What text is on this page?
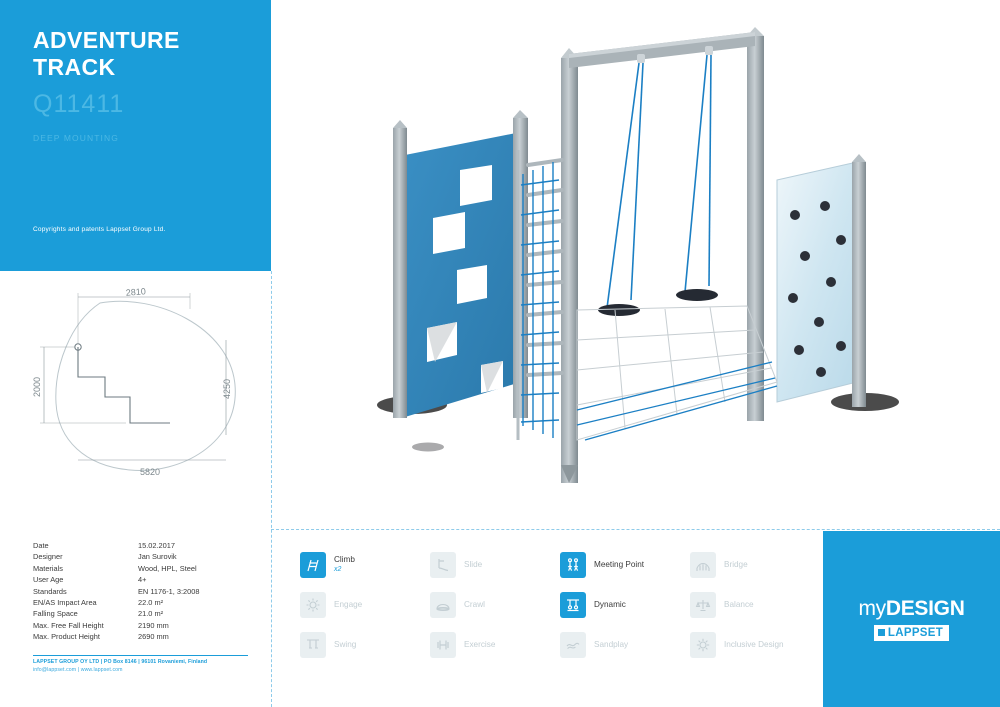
ADVENTURE TRACK
Q11411
DEEP MOUNTING
Copyrights and patents Lappset Group Ltd.
2810
2000	4250
5820
Date	15.02.2017
Designer	Jan Surovik
Materials	Wood, HPL, Steel
User Age	4+
Standards	EN 1176-1, 3:2008
EN/AS Impact Area	22.0 m²
Falling Space	21.0 m²
Max. Free Fall Height	2190 mm
Max. Product Height	2690 mm
LAPPSET GROUP OY LTD | PO Box 8146 | 96101 Rovaniemi, Finland
info@lappset.com | www.lappset.com
Climb
x2
Slide	Meeting Point	Bridge
Engage	Crawl	Dynamic	Balance
Swing	Exercise	Sandplay	Inclusive Design
myDESIGN
LAPPSET
